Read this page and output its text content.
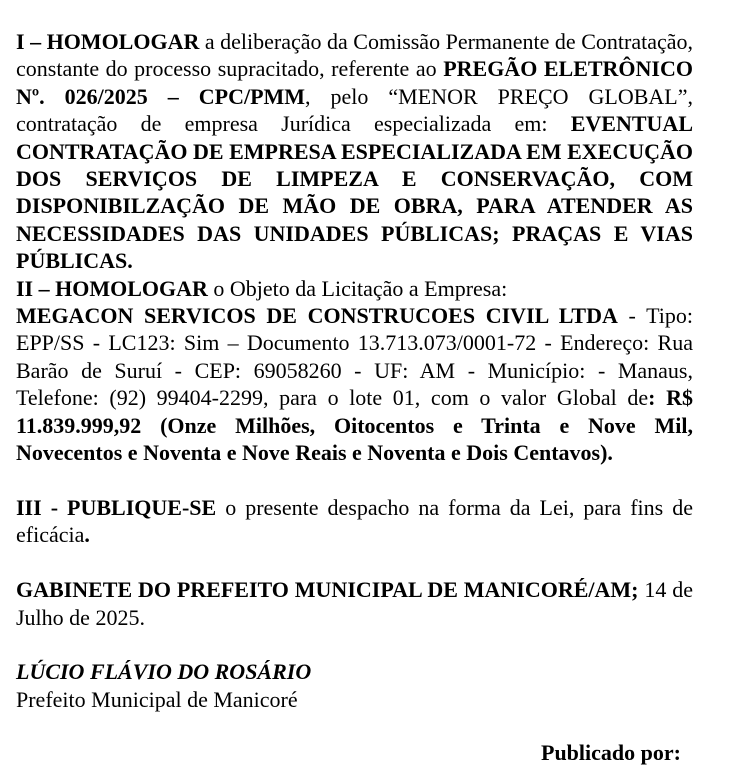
I – HOMOLOGAR a deliberação da Comissão Permanente de Contratação, constante do processo supracitado, referente ao PREGÃO ELETRÔNICO Nº. 026/2025 – CPC/PMM, pelo “MENOR PREÇO GLOBAL”, contratação de empresa Jurídica especializada em: EVENTUAL CONTRATAÇÃO DE EMPRESA ESPECIALIZADA EM EXECUÇÃO DOS SERVIÇOS DE LIMPEZA E CONSERVAÇÃO, COM DISPONIBILZAÇÃO DE MÃO DE OBRA, PARA ATENDER AS NECESSIDADES DAS UNIDADES PÚBLICAS; PRAÇAS E VIAS PÚBLICAS.

II – HOMOLOGAR o Objeto da Licitação a Empresa:

MEGACON SERVICOS DE CONSTRUCOES CIVIL LTDA - Tipo: EPP/SS - LC123: Sim – Documento 13.713.073/0001-72 - Endereço: Rua Barão de Suruí - CEP: 69058260 - UF: AM - Município: - Manaus, Telefone: (92) 99404-2299, para o lote 01, com o valor Global de: R$ 11.839.999,92 (Onze Milhões, Oitocentos e Trinta e Nove Mil, Novecentos e Noventa e Nove Reais e Noventa e Dois Centavos).

III - PUBLIQUE-SE o presente despacho na forma da Lei, para fins de eficácia.

GABINETE DO PREFEITO MUNICIPAL DE MANICORÉ/AM; 14 de Julho de 2025.

LÚCIO FLÁVIO DO ROSÁRIO
Prefeito Municipal de Manicoré
Publicado por:
